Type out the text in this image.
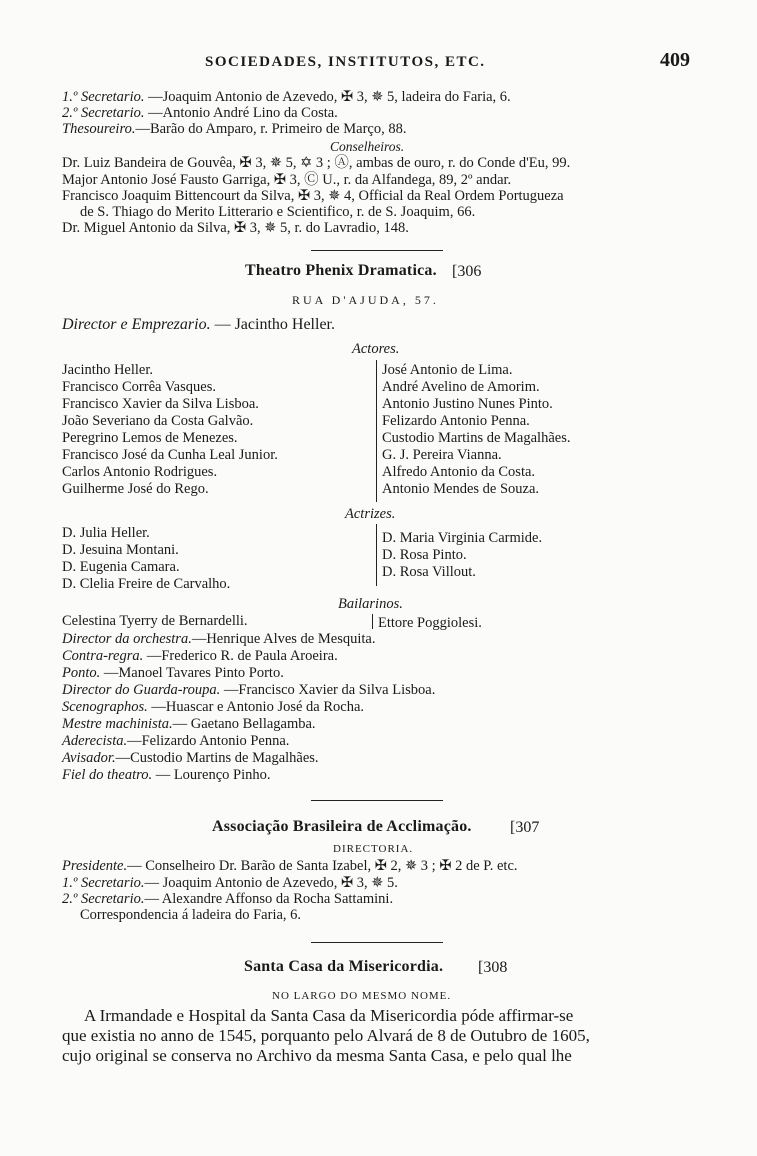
SOCIEDADES, INSTITUTOS, ETC.	409
1.º Secretario. —Joaquim Antonio de Azevedo, ✠ 3, ✵ 5, ladeira do Faria, 6.
2.º Secretario. —Antonio André Lino da Costa.
Thesoureiro.—Barão do Amparo, r. Primeiro de Março, 88.
Conselheiros.
Dr. Luiz Bandeira de Gouvêa, ✠ 3, ✵ 5, ✡ 3 ; Ⓐ, ambas de ouro, r. do Conde d'Eu, 99.
Major Antonio José Fausto Garriga, ✠ 3, Ⓒ U., r. da Alfandega, 89, 2º andar.
Francisco Joaquim Bittencourt da Silva, ✠ 3, ✵ 4, Official da Real Ordem Portugueza
de S. Thiago do Merito Litterario e Scientifico, r. de S. Joaquim, 66.
Dr. Miguel Antonio da Silva, ✠ 3, ✵ 5, r. do Lavradio, 148.
Theatro Phenix Dramatica. [306
RUA D'AJUDA, 57.
Director e Emprezario. — Jacintho Heller.
Actores.
Jacintho Heller.
Francisco Corrêa Vasques.
Francisco Xavier da Silva Lisboa.
João Severiano da Costa Galvão.
Peregrino Lemos de Menezes.
Francisco José da Cunha Leal Junior.
Carlos Antonio Rodrigues.
Guilherme José do Rego.
José Antonio de Lima.
André Avelino de Amorim.
Antonio Justino Nunes Pinto.
Felizardo Antonio Penna.
Custodio Martins de Magalhães.
G. J. Pereira Vianna.
Alfredo Antonio da Costa.
Antonio Mendes de Souza.
Actrizes.
D. Julia Heller.
D. Jesuina Montani.
D. Eugenia Camara.
D. Clelia Freire de Carvalho.
D. Maria Virginia Carmide.
D. Rosa Pinto.
D. Rosa Villout.
Bailarinos.
Celestina Tyerry de Bernardelli.	Ettore Poggiolesi.
Director da orchestra.—Henrique Alves de Mesquita.
Contra-regra. —Frederico R. de Paula Aroeira.
Ponto. —Manoel Tavares Pinto Porto.
Director do Guarda-roupa. —Francisco Xavier da Silva Lisboa.
Scenographos. —Huascar e Antonio José da Rocha.
Mestre machinista.— Gaetano Bellagamba.
Aderecista.—Felizardo Antonio Penna.
Avisador.—Custodio Martins de Magalhães.
Fiel do theatro. — Lourenço Pinho.
Associação Brasileira de Acclimação. [307
DIRECTORIA.
Presidente.— Conselheiro Dr. Barão de Santa Izabel, ✠ 2, ✵ 3 ; ✠ 2 de P. etc.
1.º Secretario.— Joaquim Antonio de Azevedo, ✠ 3, ✵ 5.
2.º Secretario.— Alexandre Affonso da Rocha Sattamini.
Correspondencia á ladeira do Faria, 6.
Santa Casa da Misericordia. [308
NO LARGO DO MESMO NOME.
A Irmandade e Hospital da Santa Casa da Misericordia póde affirmar-se
que existia no anno de 1545, porquanto pelo Alvará de 8 de Outubro de 1605,
cujo original se conserva no Archivo da mesma Santa Casa, e pelo qual lhe
